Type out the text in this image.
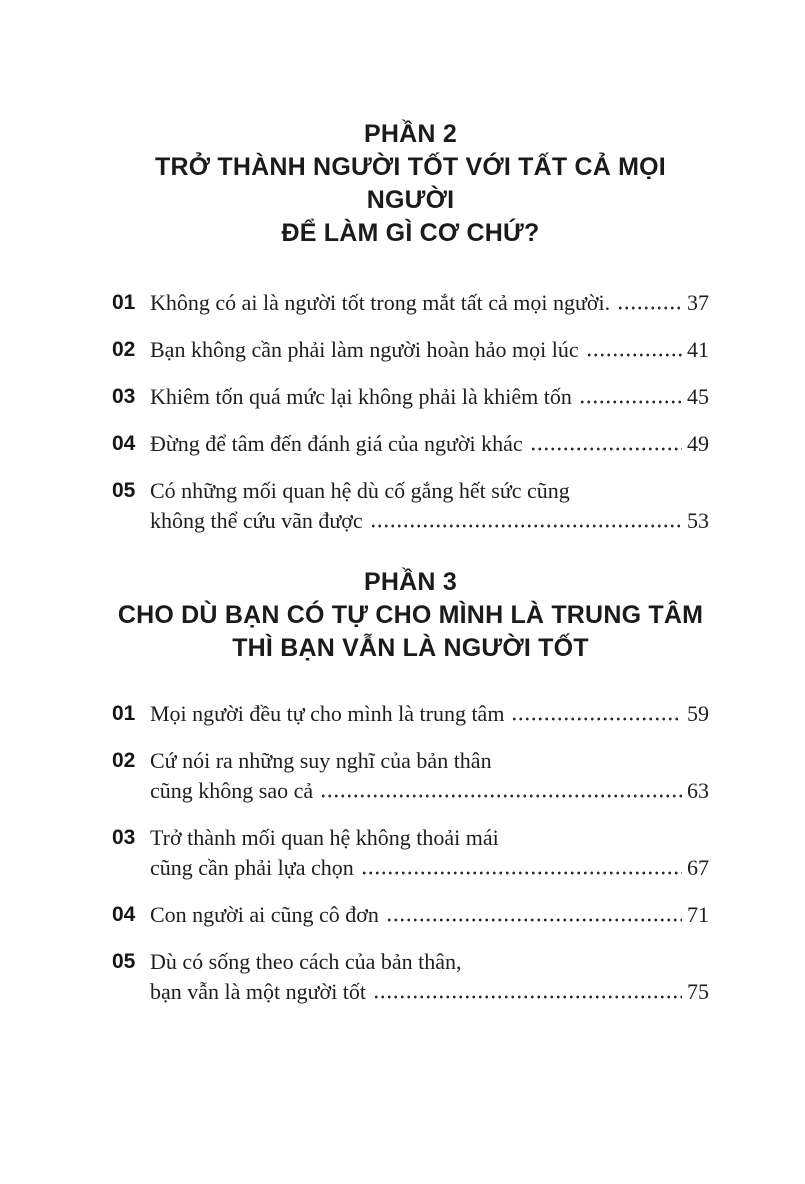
PHẦN 2
TRỞ THÀNH NGƯỜI TỐT VỚI TẤT CẢ MỌI NGƯỜI
ĐỂ LÀM GÌ CƠ CHỨ?
01 Không có ai là người tốt trong mắt tất cả mọi người.	37
02 Bạn không cần phải làm người hoàn hảo mọi lúc	41
03 Khiêm tốn quá mức lại không phải là khiêm tốn	45
04 Đừng để tâm đến đánh giá của người khác	49
05 Có những mối quan hệ dù cố gắng hết sức cũng
không thể cứu vãn được	53
PHẦN 3
CHO DÙ BẠN CÓ TỰ CHO MÌNH LÀ TRUNG TÂM
THÌ BẠN VẪN LÀ NGƯỜI TỐT
01 Mọi người đều tự cho mình là trung tâm	59
02 Cứ nói ra những suy nghĩ của bản thân
cũng không sao cả	63
03 Trở thành mối quan hệ không thoải mái
cũng cần phải lựa chọn	67
04 Con người ai cũng cô đơn	71
05 Dù có sống theo cách của bản thân,
bạn vẫn là một người tốt	75
